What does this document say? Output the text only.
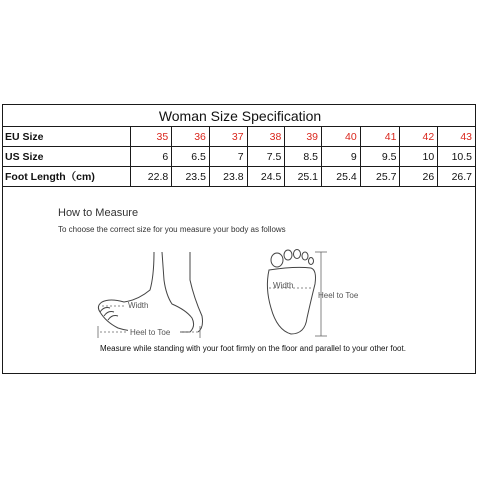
Woman Size Specification
EU Size	35	36	37	38	39	40	41	42	43
US Size	6	6.5	7	7.5	8.5	9	9.5	10	10.5
Foot Length（cm)	22.8	23.5	23.8	24.5	25.1	25.4	25.7	26	26.7
How to Measure
To choose the correct size for you measure your body as follows
Width
Heel to Toe
Width
Heel to Toe
Measure while standing with your foot firmly on the floor and parallel to your other foot.
